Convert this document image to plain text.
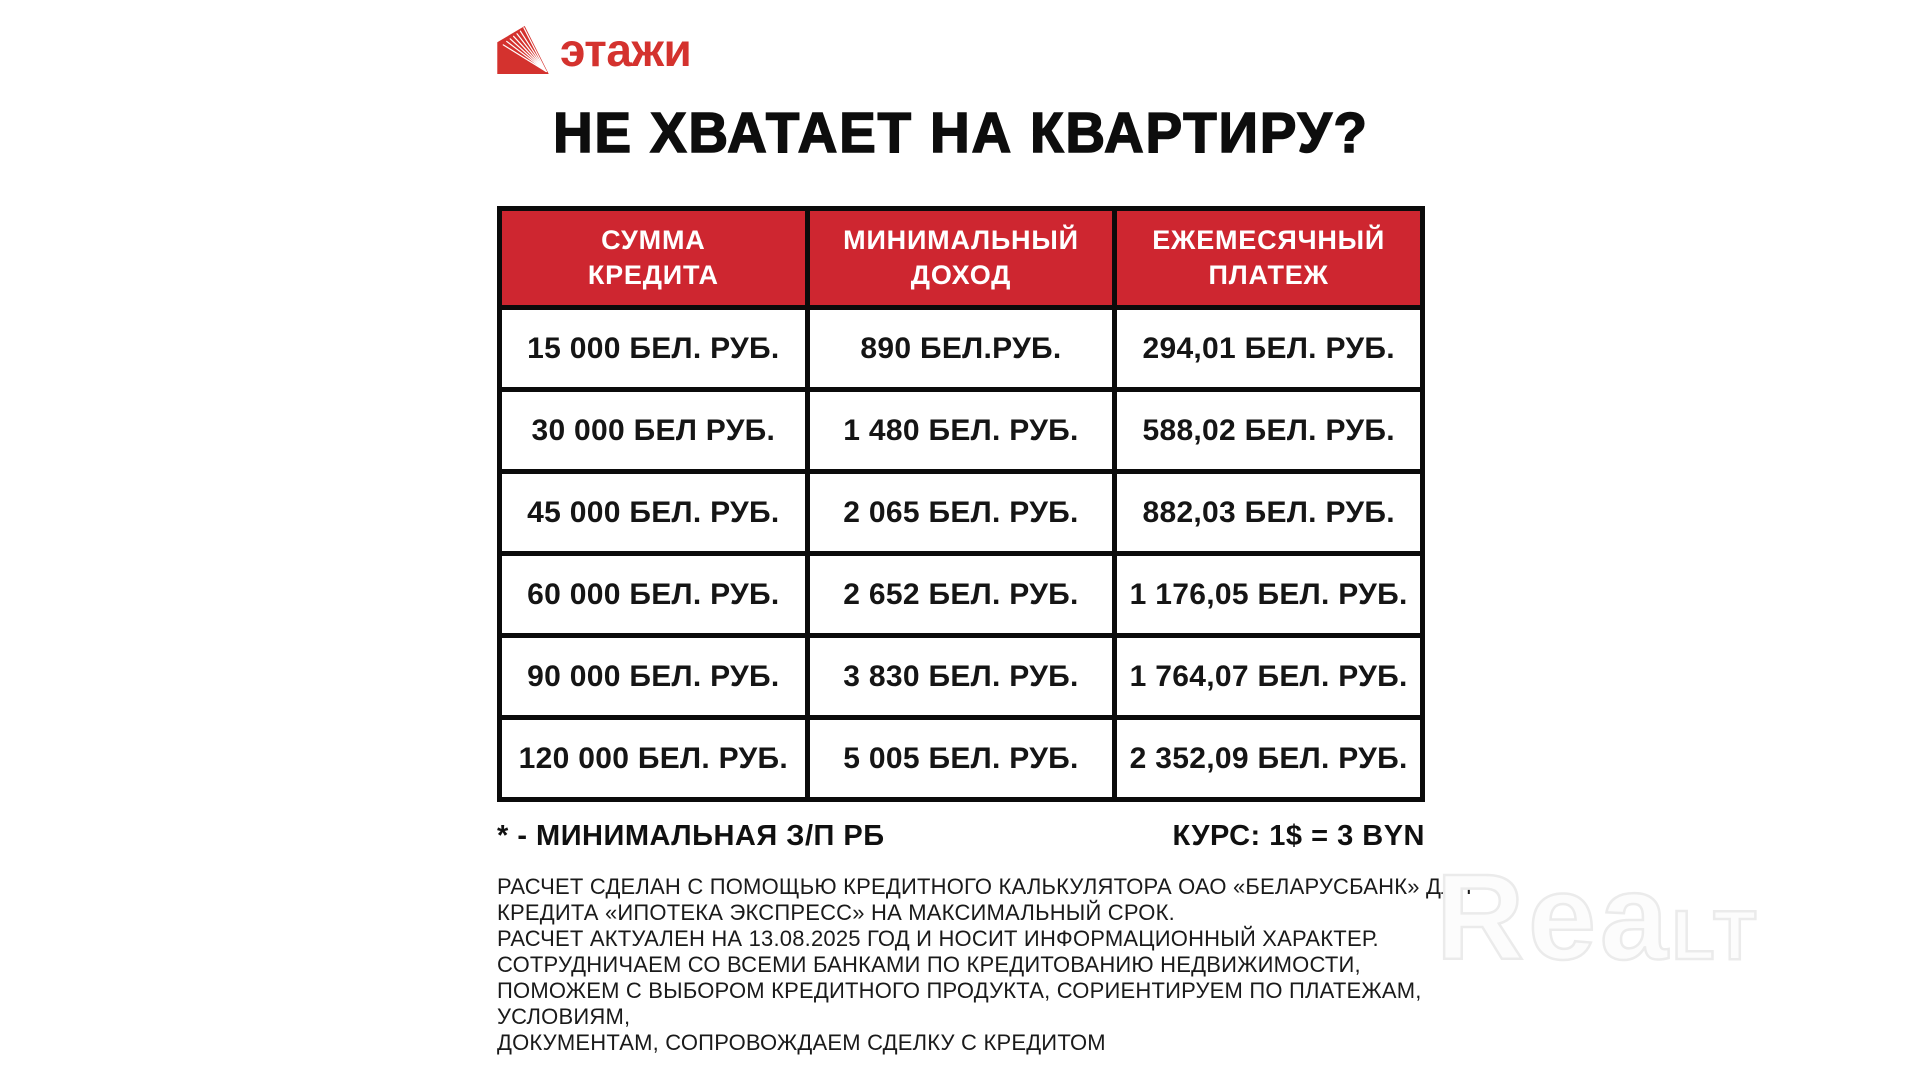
этажи
НЕ ХВАТАЕТ НА КВАРТИРУ?
СУММА
КРЕДИТА

МИНИМАЛЬНЫЙ
ДОХОД

ЕЖЕМЕСЯЧНЫЙ
ПЛАТЕЖ

15 000 БЕЛ. РУБ.	890 БЕЛ.РУБ.	294,01 БЕЛ. РУБ.
30 000 БЕЛ РУБ.	1 480 БЕЛ. РУБ.	588,02 БЕЛ. РУБ.
45 000 БЕЛ. РУБ.	2 065 БЕЛ. РУБ.	882,03 БЕЛ. РУБ.
60 000 БЕЛ. РУБ.	2 652 БЕЛ. РУБ.	1 176,05 БЕЛ. РУБ.
90 000 БЕЛ. РУБ.	3 830 БЕЛ. РУБ.	1 764,07 БЕЛ. РУБ.
120 000 БЕЛ. РУБ.	5 005 БЕЛ. РУБ.	2 352,09 БЕЛ. РУБ.
* - МИНИМАЛЬНАЯ З/П РБ	КУРС: 1$ = 3 BYN
РАСЧЕТ СДЕЛАН С ПОМОЩЬЮ КРЕДИТНОГО КАЛЬКУЛЯТОРА ОАО «БЕЛАРУСБАНК» ДЛЯ
КРЕДИТА «ИПОТЕКА ЭКСПРЕСС» НА МАКСИМАЛЬНЫЙ СРОК.
РАСЧЕТ АКТУАЛЕН НА 13.08.2025 ГОД И НОСИТ ИНФОРМАЦИОННЫЙ ХАРАКТЕР.
СОТРУДНИЧАЕМ СО ВСЕМИ БАНКАМИ ПО КРЕДИТОВАНИЮ НЕДВИЖИМОСТИ,
ПОМОЖЕМ С ВЫБОРОМ КРЕДИТНОГО ПРОДУКТА, СОРИЕНТИРУЕМ ПО ПЛАТЕЖАМ,
УСЛОВИЯМ,
ДОКУМЕНТАМ, СОПРОВОЖДАЕМ СДЕЛКУ С КРЕДИТОМ
ReaLT
